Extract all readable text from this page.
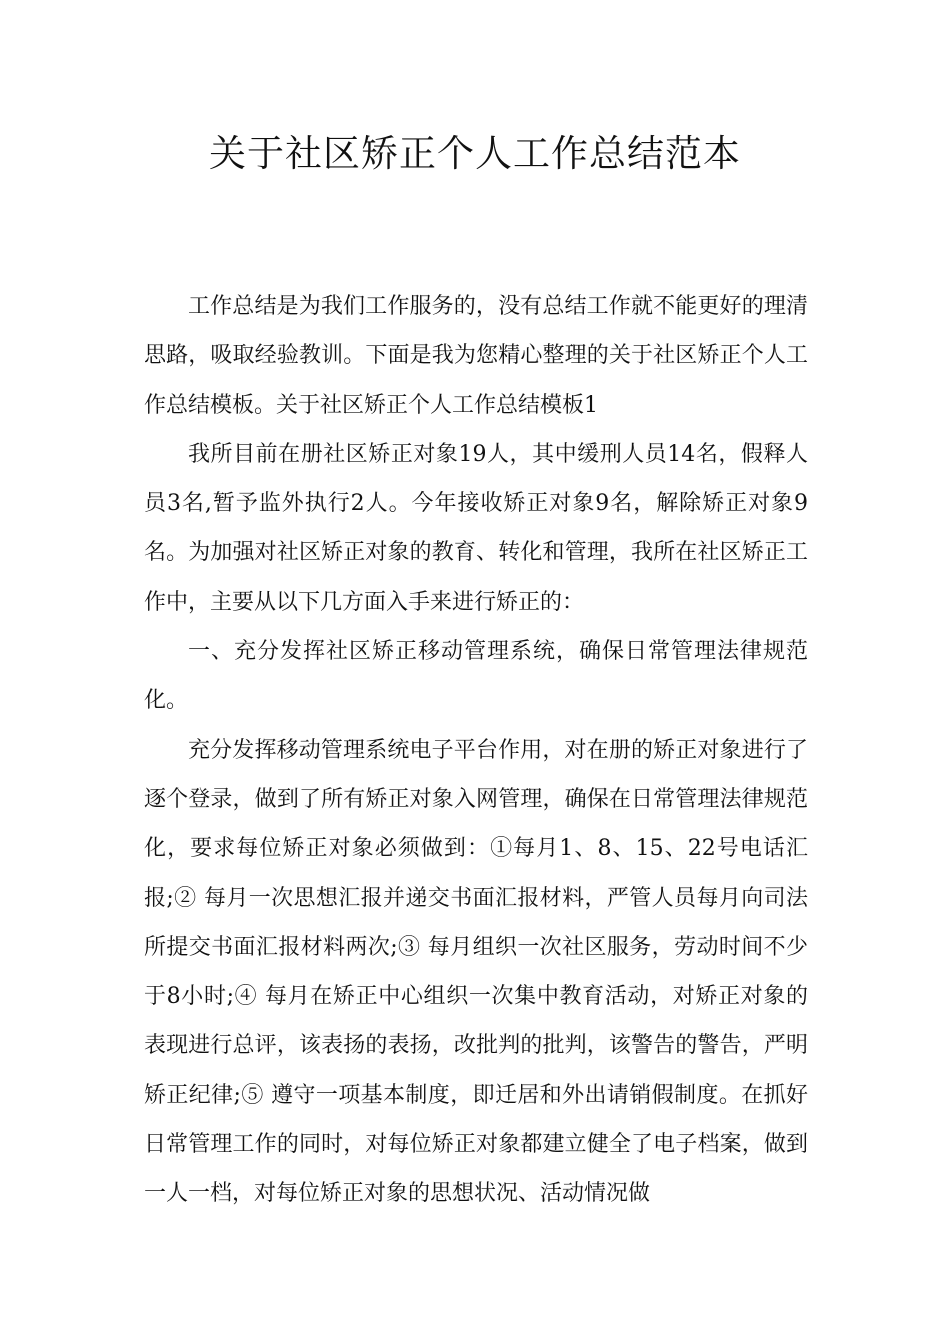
关于社区矫正个人工作总结范本

工作总结是为我们工作服务的，没有总结工作就不能更好的理清思路，吸取经验教训。下面是我为您精心整理的关于社区矫正个人工作总结模板。关于社区矫正个人工作总结模板1

我所目前在册社区矫正对象19人，其中缓刑人员14名，假释人员3名,暂予监外执行2人。今年接收矫正对象9名，解除矫正对象9名。为加强对社区矫正对象的教育、转化和管理，我所在社区矫正工作中，主要从以下几方面入手来进行矫正的：

一、充分发挥社区矫正移动管理系统，确保日常管理法律规范化。

充分发挥移动管理系统电子平台作用，对在册的矫正对象进行了逐个登录，做到了所有矫正对象入网管理，确保在日常管理法律规范化，要求每位矫正对象必须做到：①每月1、8、15、22号电话汇报;② 每月一次思想汇报并递交书面汇报材料，严管人员每月向司法所提交书面汇报材料两次;③ 每月组织一次社区服务，劳动时间不少于8小时;④ 每月在矫正中心组织一次集中教育活动，对矫正对象的表现进行总评，该表扬的表扬，改批判的批判，该警告的警告，严明矫正纪律;⑤ 遵守一项基本制度，即迁居和外出请销假制度。在抓好日常管理工作的同时，对每位矫正对象都建立健全了电子档案，做到一人一档，对每位矫正对象的思想状况、活动情况做
